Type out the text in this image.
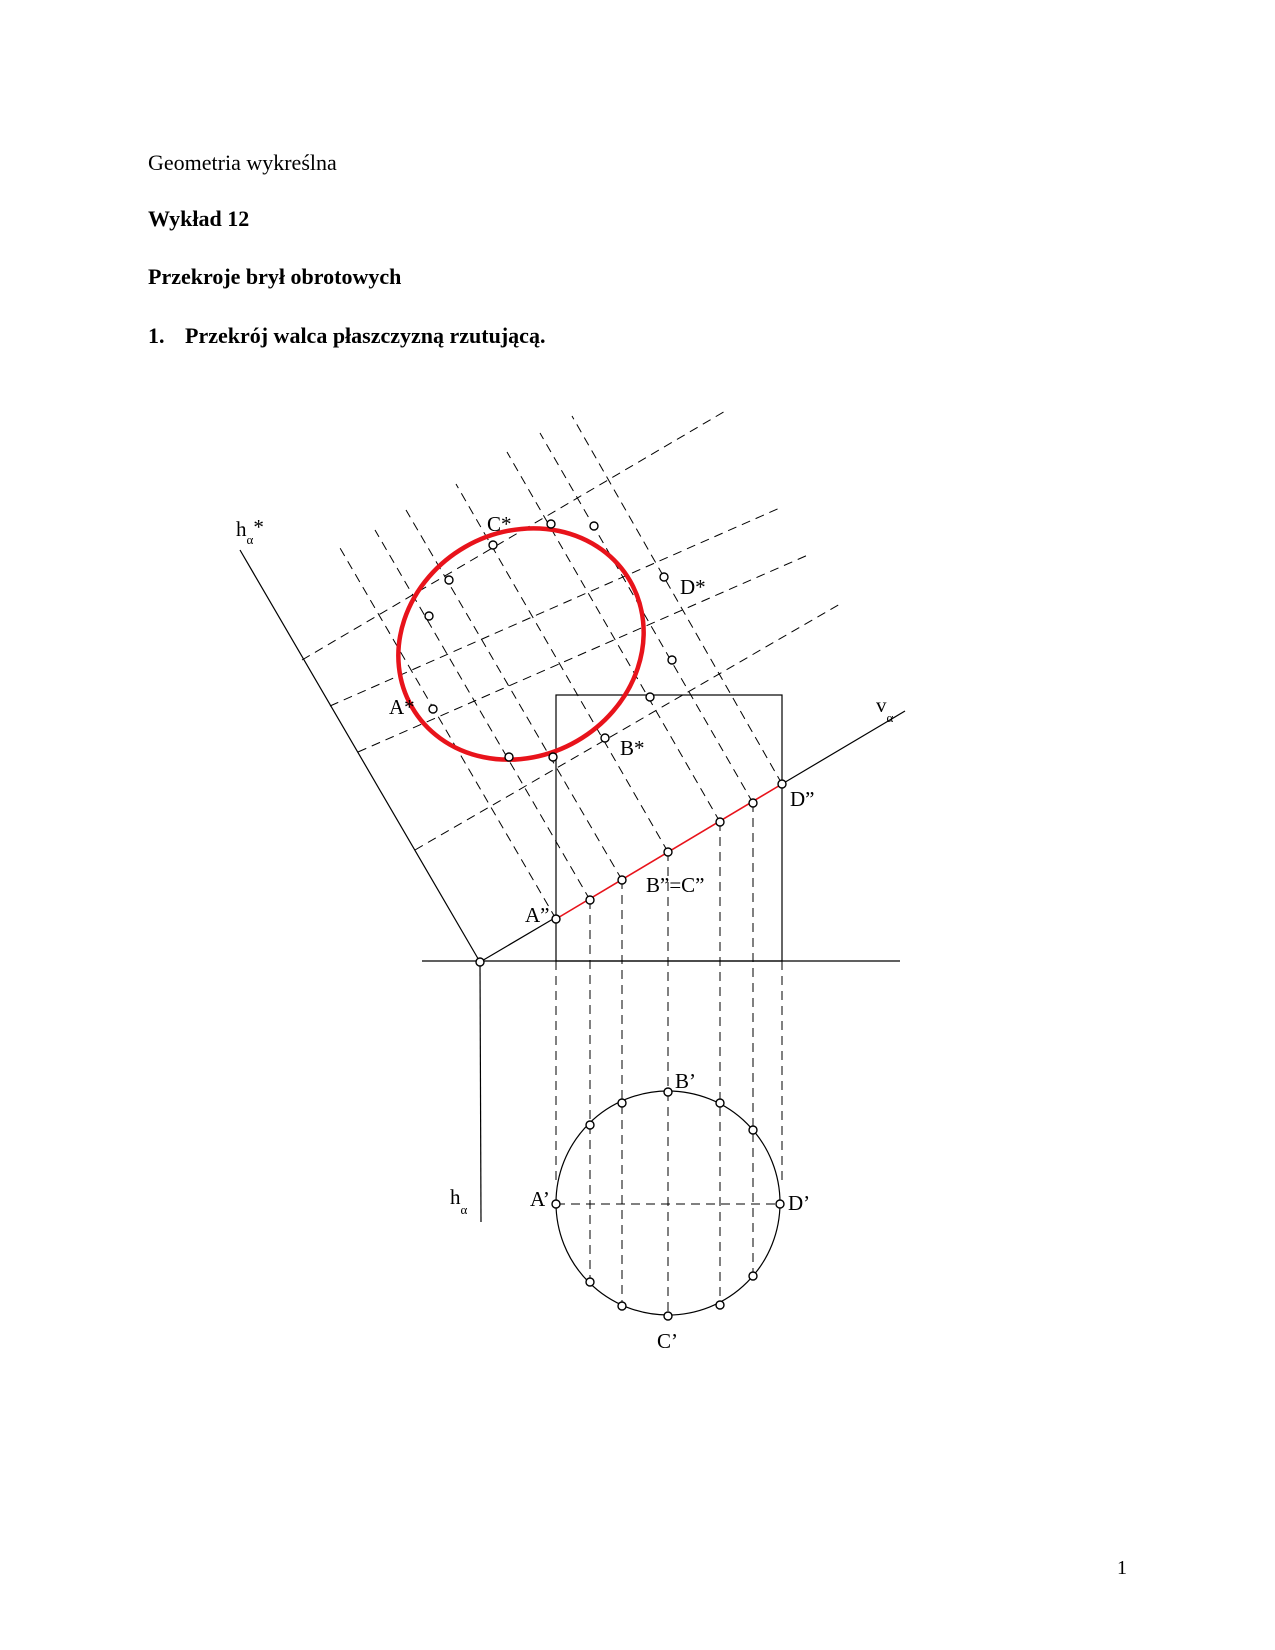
Geometria wykreślna
Wykład 12
Przekroje brył obrotowych
1. Przekrój walca płaszczyzną rzutującą.
$h_\alpha*$
$v_\alpha$
$h_\alpha$
A*
B*
C*
D*
A”
B”=C”
D”
A’
B’
C’
D’
1
